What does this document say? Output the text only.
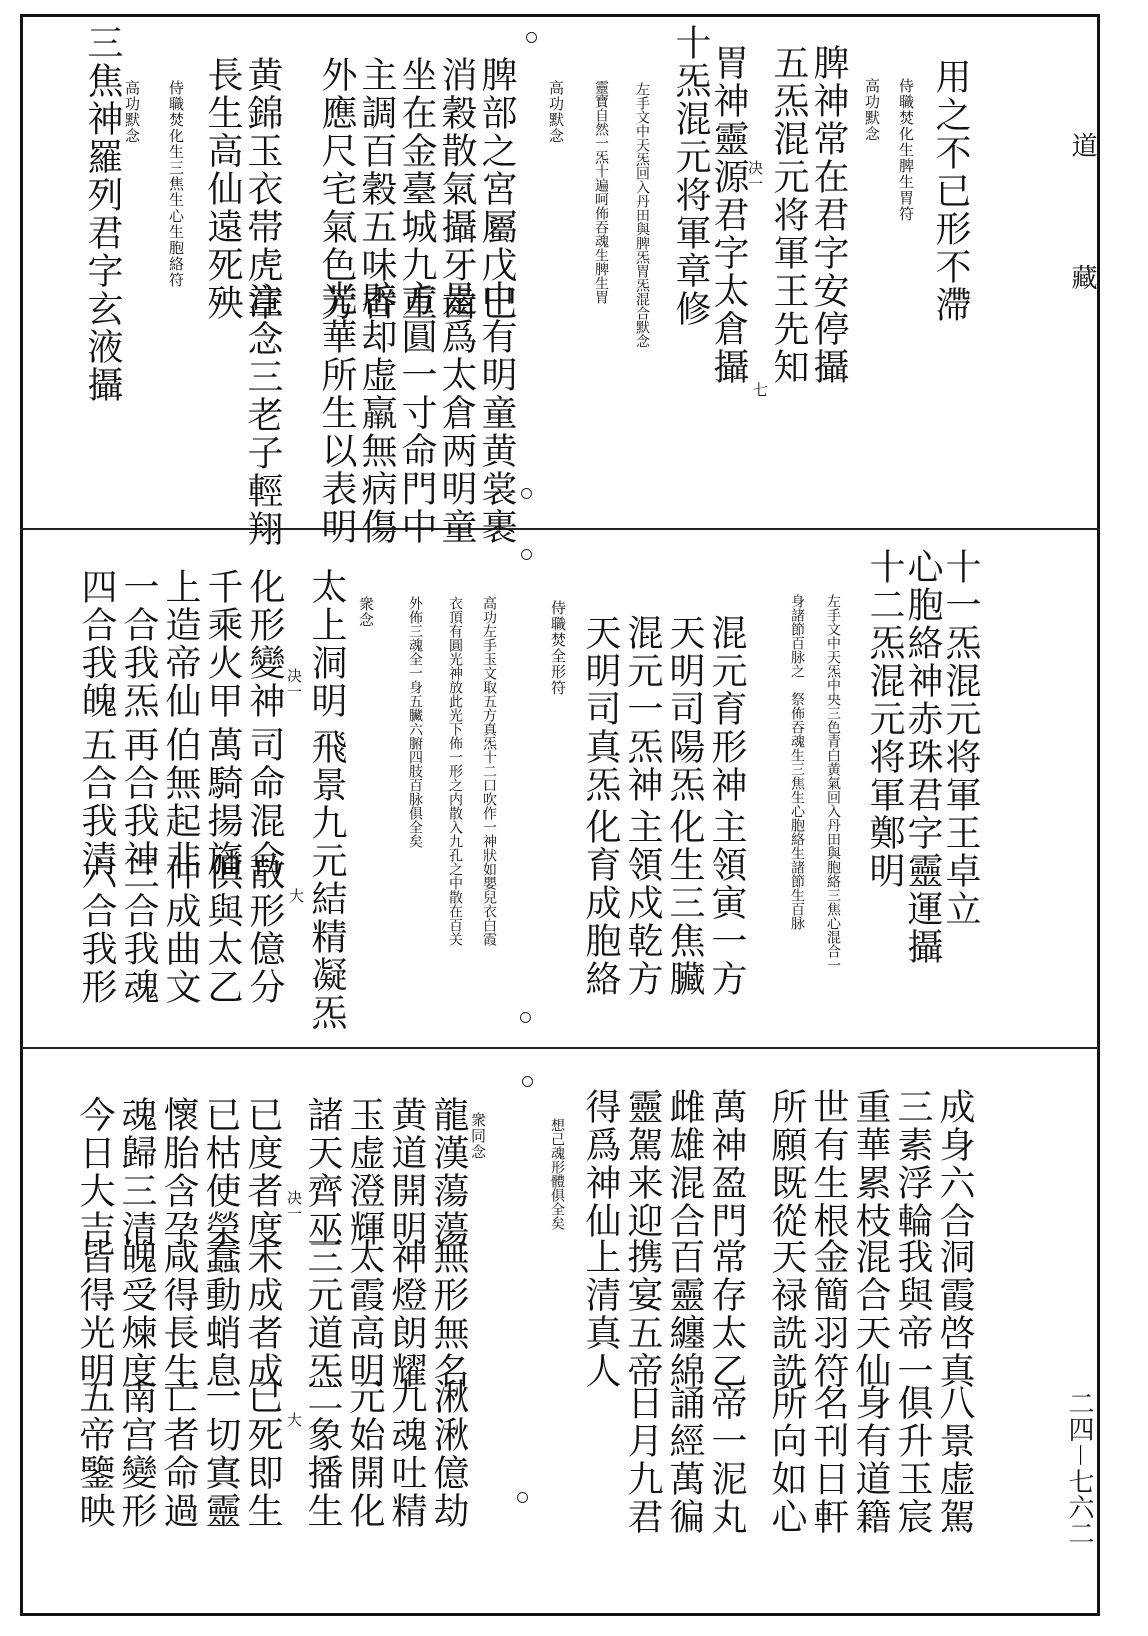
道
藏
二四－七六二
用之不已形不滯
侍職焚化生脾生胃符
高功默念
脾神常在君字安停攝
决一 五炁混元将軍王先知
胃神靈源君字太倉攝
十炁混元将軍章修
左手文中天炁回入丹田與脾炁胃炁混合默念
靈寶自然一炁十遍呵佈吞魂生脾生胃
高功默念
七
脾部之宮屬戊巳
中有明童黄裳裹
消穀散氣攝牙齒
是爲太倉两明童
坐在金臺城九重
方圓一寸命門中
主調百穀五味香
辟却虚羸無病傷
外應尺宅氣色芳
光華所生以表明
黄錦玉衣帯虎章
注念三老子輕翔
長生高仙遠死殃
侍職焚化生三焦生心生胞絡符
高功默念
三焦神羅列君字玄液攝
十一炁混元将軍王卓立
心胞絡神赤珠君字靈運攝
十二炁混元将軍鄭明
左手文中天炁中央三色青白黄氣回入丹田與胞絡三焦心混合一
身諸節百脉之　祭佈吞魂生三焦生心胞絡生諸節生百脉
混元育形神
主領寅一方
天明司陽炁
化生三焦臟
混元一炁神
主領戍乾方
天明司真炁
化育成胞絡
侍職焚全形符
高功左手玉文取五方真炁十二口吹作一神狀如嬰兒衣白霞
衣頂有圓光神放此光下佈一形之内散入九孔之中散在百关
外佈三魂全一身五臟六腑四肢百脉俱全矣
衆念
太上洞明
飛景九元
結精凝炁
决一
大
化形變神
司命混合
散形億分
千乘火甲
萬騎揚旛
俱與太乙
上造帝仙
伯無起非
仲成曲文
一合我炁
再合我神
三合我魂
四合我魄
五合我清
六合我形
成身六合
洞霞啓真
八景虚駕
三素浮輪
我與帝一
俱升玉宸
重華累枝
混合天仙
身有道籍
世有生根
金簡羽符
名刊日軒
所願既從
天禄詵詵
所向如心
萬神盈門
常存太乙
帝一泥丸
雌雄混合
百靈纏綿
誦經萬徧
靈駕来迎
携宴五帝
日月九君
得爲神仙
上清真人
想己魂形體俱全矣
衆同念
龍漢蕩蕩
無形無名
湫湫億劫
黄道開明
神燈朗耀
九魂吐精
玉虚澄輝
太霞高明
元始開化
諸天齊巫
三元道炁
二象播生
决一
大
已度者度
未成者成
已死即生
已枯使榮
蠢動蛸息
一切寘靈
懷胎含孕
咸得長生
亡者命過
魂歸三清
魄受煉度
南宫變形
今日大吉
皆得光明
五帝鑒映
